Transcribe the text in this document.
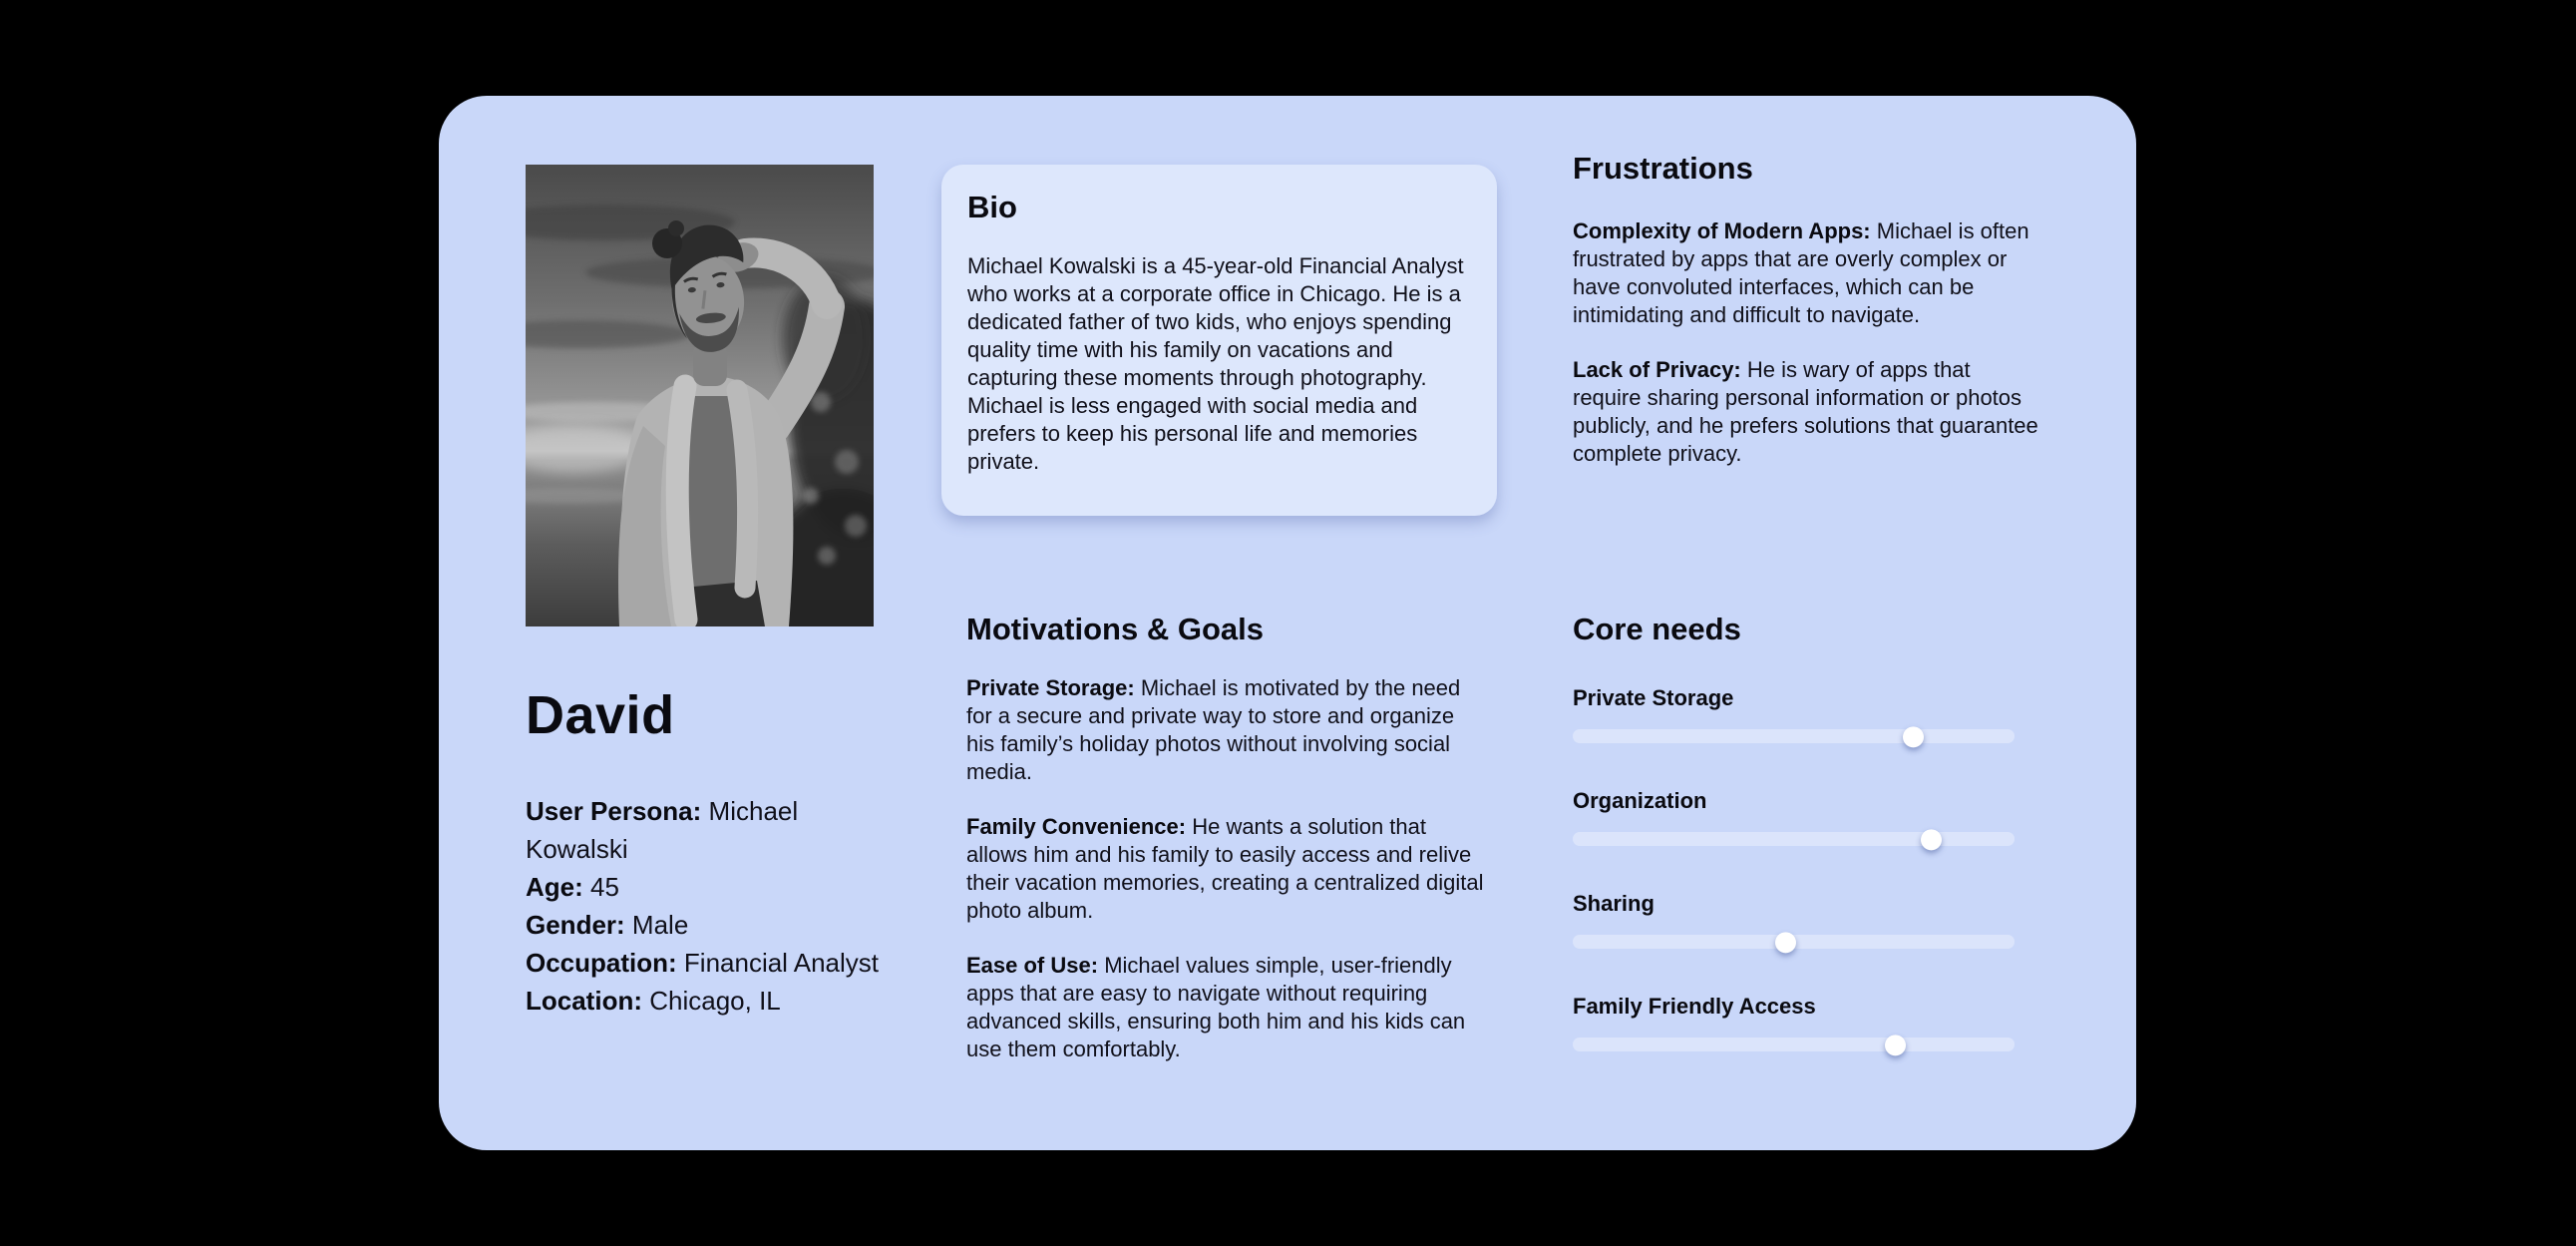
David

User Persona: Michael Kowalski

Age: 45

Gender: Male

Occupation: Financial Analyst

Location: Chicago, IL

Bio

Michael Kowalski is a 45-year-old Financial Analyst who works at a corporate office in Chicago. He is a dedicated father of two kids, who enjoys spending quality time with his family on vacations and capturing these moments through photography. Michael is less engaged with social media and prefers to keep his personal life and memories private.

Motivations & Goals

Private Storage: Michael is motivated by the need for a secure and private way to store and organize his family’s holiday photos without involving social media.

Family Convenience: He wants a solution that allows him and his family to easily access and relive their vacation memories, creating a centralized digital photo album.

Ease of Use: Michael values simple, user-friendly apps that are easy to navigate without requiring advanced skills, ensuring both him and his kids can use them comfortably.

Frustrations

Complexity of Modern Apps: Michael is often frustrated by apps that are overly complex or have convoluted interfaces, which can be intimidating and difficult to navigate.

Lack of Privacy: He is wary of apps that require sharing personal information or photos publicly, and he prefers solutions that guarantee complete privacy.

Core needs

Private Storage

Organization

Sharing

Family Friendly Access
